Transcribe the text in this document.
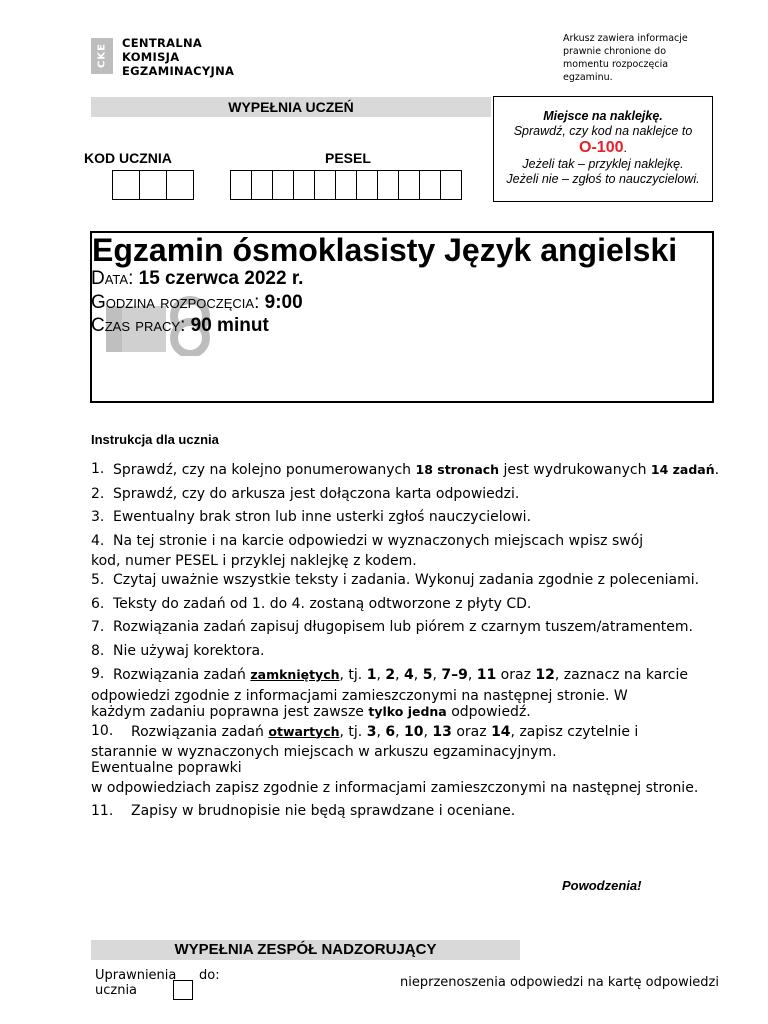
CKE
CENTRALNA
KOMISJA
EGZAMINACYJNA
Arkusz zawiera informacje prawnie chronione do momentu rozpoczęcia egzaminu.
WYPEŁNIA UCZEŃ
KOD UCZNIA	PESEL
Miejsce na naklejkę.
Sprawdź, czy kod na naklejce to
O-100.
Jeżeli tak – przyklej naklejkę.
Jeżeli nie – zgłoś to nauczycielowi.
Egzamin ósmoklasisty Język angielski
Data: 15 czerwca 2022 r.
Godzina rozpoczęcia: 9:00
Czas pracy: 90 minut
Instrukcja dla ucznia
1. Sprawdź, czy na kolejno ponumerowanych 18 stronach jest wydrukowanych 14 zadań.
2. Sprawdź, czy do arkusza jest dołączona karta odpowiedzi.
3. Ewentualny brak stron lub inne usterki zgłoś nauczycielowi.
4. Na tej stronie i na karcie odpowiedzi w wyznaczonych miejscach wpisz swój
kod, numer PESEL i przyklej naklejkę z kodem.
5. Czytaj uważnie wszystkie teksty i zadania. Wykonuj zadania zgodnie z poleceniami.
6. Teksty do zadań od 1. do 4. zostaną odtworzone z płyty CD.
7. Rozwiązania zadań zapisuj długopisem lub piórem z czarnym tuszem/atramentem.
8. Nie używaj korektora.
9. Rozwiązania zadań zamkniętych, tj. 1, 2, 4, 5, 7–9, 11 oraz 12, zaznacz na karcie
odpowiedzi zgodnie z informacjami zamieszczonymi na następnej stronie. W
każdym zadaniu poprawna jest zawsze tylko jedna odpowiedź.
10.	Rozwiązania zadań otwartych, tj. 3, 6, 10, 13 oraz 14, zapisz czytelnie i
starannie w wyznaczonych miejscach w arkuszu egzaminacyjnym.
Ewentualne poprawki
w odpowiedziach zapisz zgodnie z informacjami zamieszczonymi na następnej stronie.
11.	Zapisy w brudnopisie nie będą sprawdzane i oceniane.
Powodzenia!
WYPEŁNIA ZESPÓŁ NADZORUJĄCY
Uprawnienia ucznia
do:	nieprzenoszenia odpowiedzi na kartę odpowiedzi
